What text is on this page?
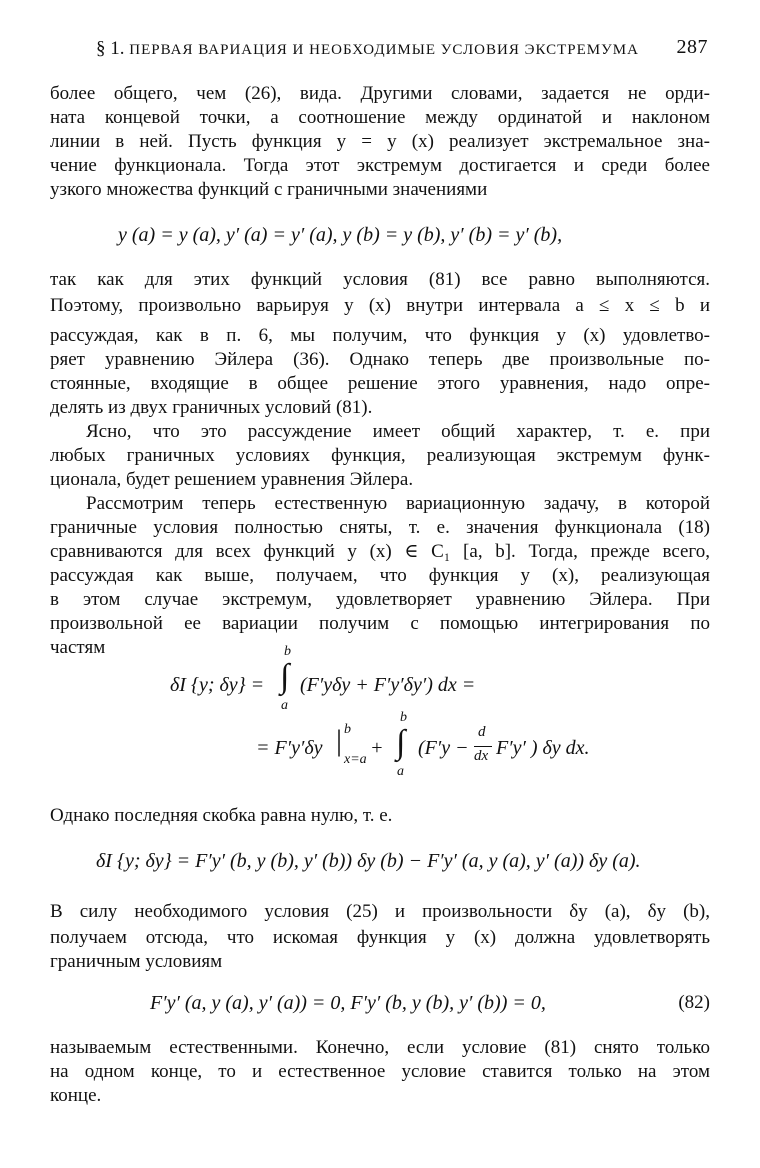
§ 1. ПЕРВАЯ ВАРИАЦИЯ И НЕОБХОДИМЫЕ УСЛОВИЯ ЭКСТРЕМУМА 287
более общего, чем (26), вида. Другими словами, задается не орди-
ната концевой точки, а соотношение между ординатой и наклоном
линии в ней. Пусть функция y = y (x) реализует экстремальное зна-
чение функционала. Тогда этот экстремум достигается и среди более
узкого множества функций с граничными значениями
y (a) = y (a), y′ (a) = y′ (a), y (b) = y (b), y′ (b) = y′ (b),
так как для этих функций условия (81) все равно выполняются.
Поэтому, произвольно варьируя y (x) внутри интервала a ≤ x ≤ b и
рассуждая, как в п. 6, мы получим, что функция y (x) удовлетво-
ряет уравнению Эйлера (36). Однако теперь две произвольные по-
стоянные, входящие в общее решение этого уравнения, надо опре-
делять из двух граничных условий (81).
Ясно, что это рассуждение имеет общий характер, т. е. при
любых граничных условиях функция, реализующая экстремум функ-
ционала, будет решением уравнения Эйлера.
Рассмотрим теперь естественную вариационную задачу, в которой
граничные условия полностью сняты, т. е. значения функционала (18)
сравниваются для всех функций y (x) ∈ C₁ [a, b]. Тогда, прежде всего,
рассуждая как выше, получаем, что функция y (x), реализующая
в этом случае экстремум, удовлетворяет уравнению Эйлера. При
произвольной ее вариации получим с помощью интегрирования по
частям
δI {y; δy} =
b
∫
a
(F′yδy + F′y′δy′) dx =
= F′y′δy | b
x=a
+
b
∫
a
(F′y −
d
dx F′y′ ) δy dx.
Однако последняя скобка равна нулю, т. е.
δI {y; δy} = F′y′ (b, y (b), y′ (b)) δy (b) − F′y′ (a, y (a), y′ (a)) δy (a).
В силу необходимого условия (25) и произвольности δy (a), δy (b),
получаем отсюда, что искомая функция y (x) должна удовлетворять
граничным условиям
F′y′ (a, y (a), y′ (a)) = 0, F′y′ (b, y (b), y′ (b)) = 0,	(82)
называемым естественными. Конечно, если условие (81) снято только
на одном конце, то и естественное условие ставится только на этом
конце.
